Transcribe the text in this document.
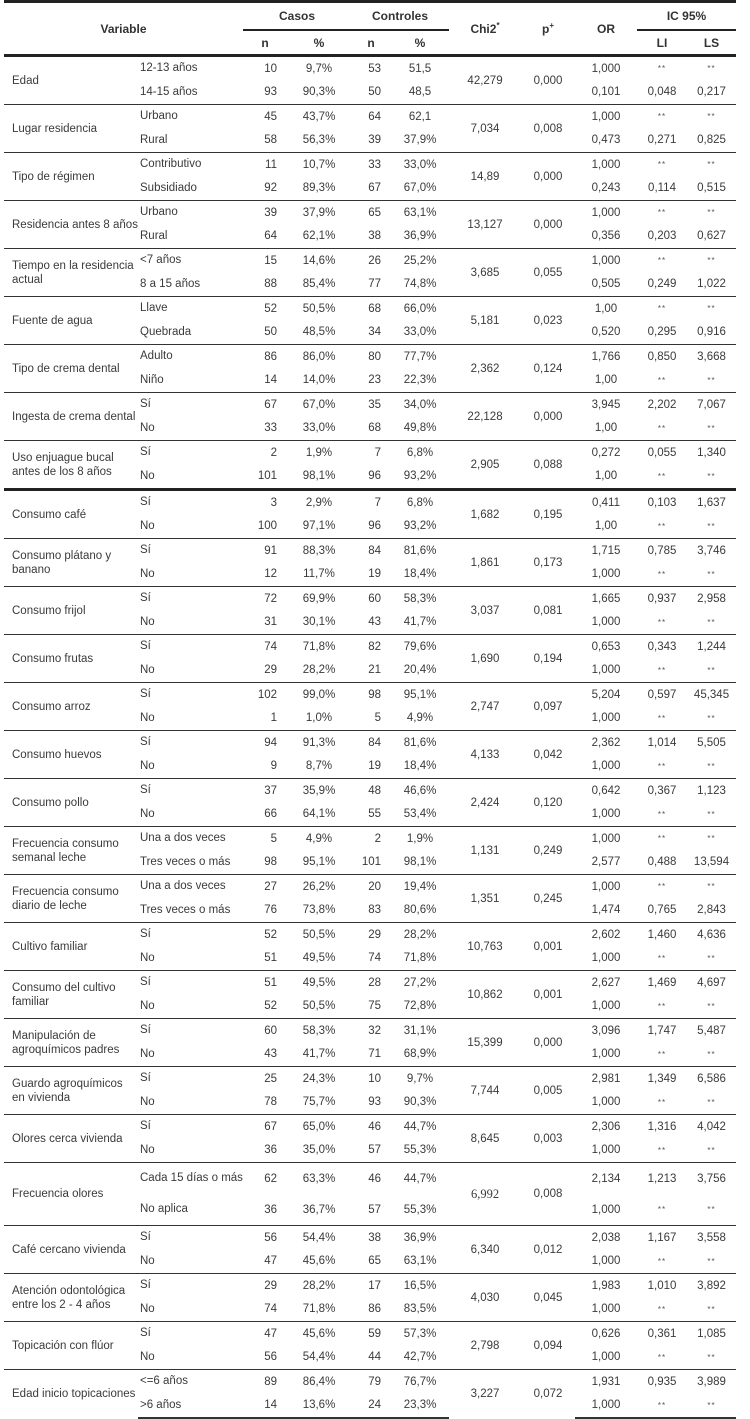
Variable		Casos		Controles		Chi2*	p+	OR	IC 95%	
		n	%	n	%				LI	LS
Edad	12-13 años	10	9,7%	53	51,5	42,279	0,000	1,000	**	**
	14-15 años	93	90,3%	50	48,5			0,101	0,048	0,217
Lugar residencia	Urbano	45	43,7%	64	62,1	7,034	0,008	1,000	**	**
	Rural	58	56,3%	39	37,9%			0,473	0,271	0,825
Tipo de régimen	Contributivo	11	10,7%	33	33,0%	14,89	0,000	1,000	**	**
	Subsidiado	92	89,3%	67	67,0%			0,243	0,114	0,515
Residencia antes 8 años	Urbano	39	37,9%	65	63,1%	13,127	0,000	1,000	**	**
	Rural	64	62,1%	38	36,9%			0,356	0,203	0,627
Tiempo en la residencia actual	<7 años	15	14,6%	26	25,2%	3,685	0,055	1,000	**	**
	8 a 15 años	88	85,4%	77	74,8%			0,505	0,249	1,022
Fuente de agua	Llave	52	50,5%	68	66,0%	5,181	0,023	1,00	**	**
	Quebrada	50	48,5%	34	33,0%			0,520	0,295	0,916
Tipo de crema dental	Adulto	86	86,0%	80	77,7%	2,362	0,124	1,766	0,850	3,668
	Niño	14	14,0%	23	22,3%			1,00	**	**
Ingesta de crema dental	Sí	67	67,0%	35	34,0%	22,128	0,000	3,945	2,202	7,067
	No	33	33,0%	68	49,8%			1,00	**	**
Uso enjuague bucal antes de los 8 años	Sí	2	1,9%	7	6,8%	2,905	0,088	0,272	0,055	1,340
	No	101	98,1%	96	93,2%			1,00	**	**
Consumo café	Sí	3	2,9%	7	6,8%	1,682	0,195	0,411	0,103	1,637
	No	100	97,1%	96	93,2%			1,00	**	**
Consumo plátano y banano	Sí	91	88,3%	84	81,6%	1,861	0,173	1,715	0,785	3,746
	No	12	11,7%	19	18,4%			1,000	**	**
Consumo frijol	Sí	72	69,9%	60	58,3%	3,037	0,081	1,665	0,937	2,958
	No	31	30,1%	43	41,7%			1,000	**	**
Consumo frutas	Sí	74	71,8%	82	79,6%	1,690	0,194	0,653	0,343	1,244
	No	29	28,2%	21	20,4%			1,000	**	**
Consumo arroz	Sí	102	99,0%	98	95,1%	2,747	0,097	5,204	0,597	45,345
	No	1	1,0%	5	4,9%			1,000	**	**
Consumo huevos	Sí	94	91,3%	84	81,6%	4,133	0,042	2,362	1,014	5,505
	No	9	8,7%	19	18,4%			1,000	**	**
Consumo pollo	Sí	37	35,9%	48	46,6%	2,424	0,120	0,642	0,367	1,123
	No	66	64,1%	55	53,4%			1,000	**	**
Frecuencia consumo semanal leche	Una a dos veces	5	4,9%	2	1,9%	1,131	0,249	1,000	**	**
	Tres veces o más	98	95,1%	101	98,1%			2,577	0,488	13,594
Frecuencia consumo diario de leche	Una a dos veces	27	26,2%	20	19,4%	1,351	0,245	1,000	**	**
	Tres veces o más	76	73,8%	83	80,6%			1,474	0,765	2,843
Cultivo familiar	Sí	52	50,5%	29	28,2%	10,763	0,001	2,602	1,460	4,636
	No	51	49,5%	74	71,8%			1,000	**	**
Consumo del cultivo familiar	Sí	51	49,5%	28	27,2%	10,862	0,001	2,627	1,469	4,697
	No	52	50,5%	75	72,8%			1,000	**	**
Manipulación de agroquímicos padres	Sí	60	58,3%	32	31,1%	15,399	0,000	3,096	1,747	5,487
	No	43	41,7%	71	68,9%			1,000	**	**
Guardo agroquímicos en vivienda	Sí	25	24,3%	10	9,7%	7,744	0,005	2,981	1,349	6,586
	No	78	75,7%	93	90,3%			1,000	**	**
Olores cerca vivienda	Sí	67	65,0%	46	44,7%	8,645	0,003	2,306	1,316	4,042
	No	36	35,0%	57	55,3%			1,000	**	**
Frecuencia olores	Cada 15 días o más	62	63,3%	46	44,7%	6,992	0,008	2,134	1,213	3,756
	No aplica	36	36,7%	57	55,3%			1,000	**	**
Café cercano vivienda	Sí	56	54,4%	38	36,9%	6,340	0,012	2,038	1,167	3,558
	No	47	45,6%	65	63,1%			1,000	**	**
Atención odontológica entre los 2 - 4 años	Sí	29	28,2%	17	16,5%	4,030	0,045	1,983	1,010	3,892
	No	74	71,8%	86	83,5%			1,000	**	**
Topicación con flúor	Sí	47	45,6%	59	57,3%	2,798	0,094	0,626	0,361	1,085
	No	56	54,4%	44	42,7%			1,000	**	**
Edad inicio topicaciones	<=6 años	89	86,4%	79	76,7%	3,227	0,072	1,931	0,935	3,989
	>6 años	14	13,6%	24	23,3%			1,000	**	**
